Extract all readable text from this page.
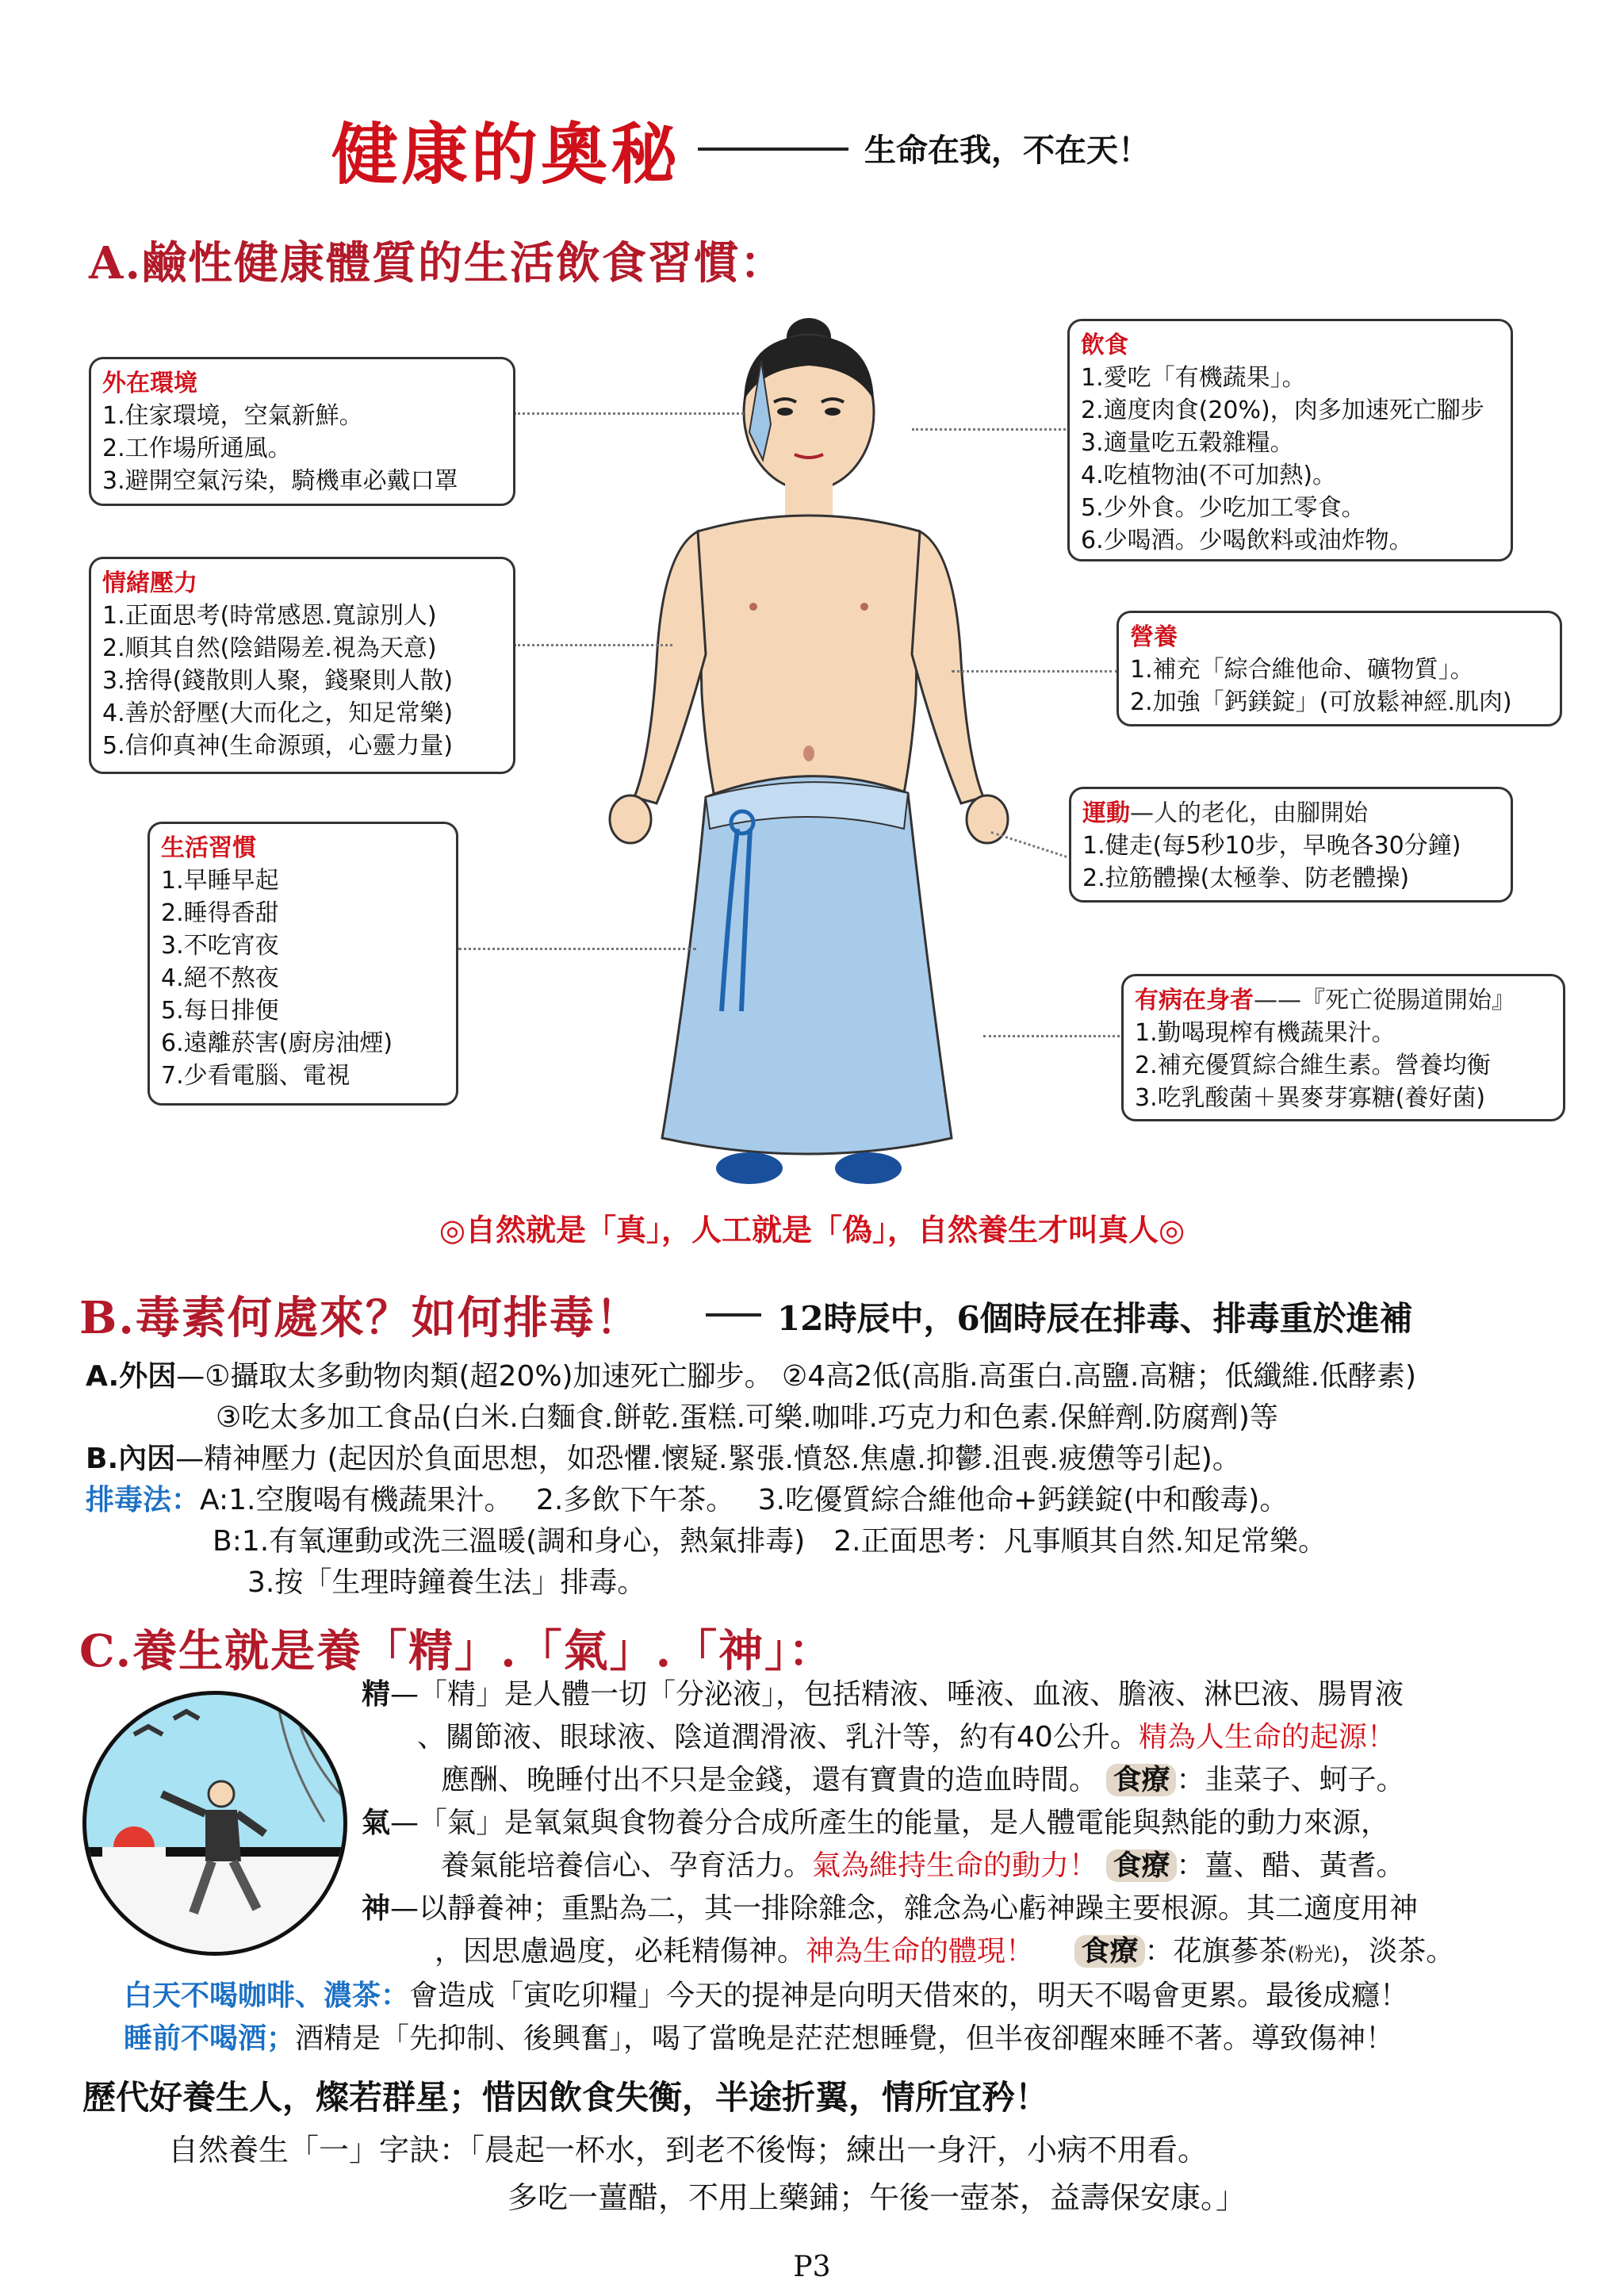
健康的奧秘	生命在我，不在天！
A.鹼性健康體質的生活飲食習慣：
外在環境
1.住家環境，空氣新鮮。
2.工作場所通風。
3.避開空氣污染，騎機車必戴口罩
情緒壓力
1.正面思考(時常感恩.寬諒別人)
2.順其自然(陰錯陽差.視為天意)
3.捨得(錢散則人聚，錢聚則人散)
4.善於舒壓(大而化之，知足常樂)
5.信仰真神(生命源頭，心靈力量)
生活習慣
1.早睡早起
2.睡得香甜
3.不吃宵夜
4.絕不熬夜
5.每日排便
6.遠離菸害(廚房油煙)
7.少看電腦、電視
飲食
1.愛吃「有機蔬果」。
2.適度肉食(20%)，肉多加速死亡腳步
3.適量吃五穀雜糧。
4.吃植物油(不可加熱)。
5.少外食。少吃加工零食。
6.少喝酒。少喝飲料或油炸物。
營養
1.補充「綜合維他命、礦物質」。
2.加強「鈣鎂錠」(可放鬆神經.肌肉)
運動—人的老化，由腳開始
1.健走(每5秒10步，早晚各30分鐘)
2.拉筋體操(太極拳、防老體操)
有病在身者——『死亡從腸道開始』
1.勤喝現榨有機蔬果汁。
2.補充優質綜合維生素。營養均衡
3.吃乳酸菌＋異麥芽寡糖(養好菌)
◎自然就是「真」，人工就是「偽」，自然養生才叫真人◎
B.毒素何處來？如何排毒！	12時辰中，6個時辰在排毒、排毒重於進補
A.外因—①攝取太多動物肉類(超20%)加速死亡腳步。 ②4高2低(高脂.高蛋白.高鹽.高糖；低纖維.低酵素)
③吃太多加工食品(白米.白麵食.餅乾.蛋糕.可樂.咖啡.巧克力和色素.保鮮劑.防腐劑)等
B.內因—精神壓力 (起因於負面思想，如恐懼.懷疑.緊張.憤怒.焦慮.抑鬱.沮喪.疲憊等引起)。
排毒法：A:1.空腹喝有機蔬果汁。　 2.多飲下午茶。　 3.吃優質綜合維他命+鈣鎂錠(中和酸毒)。
B:1.有氧運動或洗三溫暖(調和身心，熱氣排毒)　2.正面思考：凡事順其自然.知足常樂。
3.按「生理時鐘養生法」排毒。
C.養生就是養「精」.「氣」.「神」：
精—「精」是人體一切「分泌液」，包括精液、唾液、血液、膽液、淋巴液、腸胃液
、關節液、眼球液、陰道潤滑液、乳汁等，約有40公升。精為人生命的起源！
應酬、晚睡付出不只是金錢，還有寶貴的造血時間。 食療 ：韭菜子、蚵子。
氣—「氣」是氧氣與食物養分合成所產生的能量，是人體電能與熱能的動力來源，
養氣能培養信心、孕育活力。氣為維持生命的動力！ 食療 ：薑、醋、黃耆。
神—以靜養神；重點為二，其一排除雜念，雜念為心虧神躁主要根源。其二適度用神
，因思慮過度，必耗精傷神。神為生命的體現！ 食療 ：花旗蔘茶(粉光)，淡茶。
白天不喝咖啡、濃茶：會造成「寅吃卯糧」今天的提神是向明天借來的，明天不喝會更累。最後成癮！
睡前不喝酒；酒精是「先抑制、後興奮」，喝了當晚是茫茫想睡覺，但半夜卻醒來睡不著。導致傷神！
歷代好養生人，燦若群星；惜因飲食失衡，半途折翼，情所宜矜！
自然養生「一」字訣：「晨起一杯水，到老不後悔；練出一身汗，小病不用看。
多吃一薑醋，不用上藥鋪；午後一壺茶，益壽保安康。」
P3
